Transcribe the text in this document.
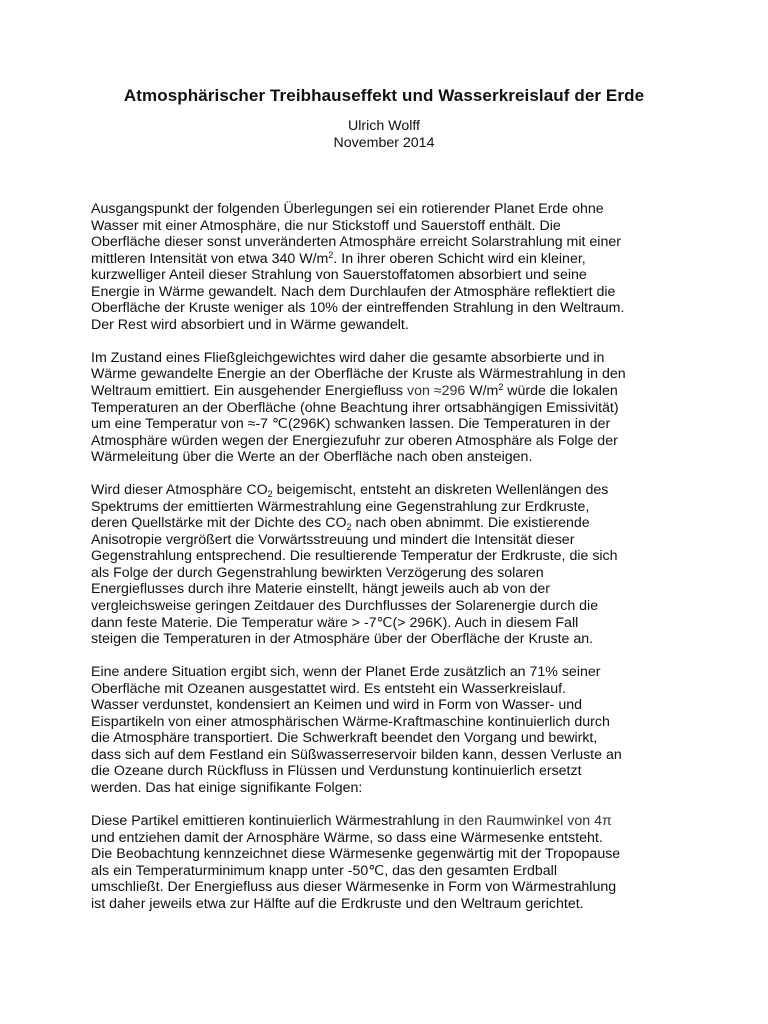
Atmosphärischer Treibhauseffekt und Wasserkreislauf der Erde
Ulrich Wolff
November 2014

Ausgangspunkt der folgenden Überlegungen sei ein rotierender Planet Erde ohne
Wasser mit einer Atmosphäre, die nur Stickstoff und Sauerstoff enthält. Die
Oberfläche dieser sonst unveränderten Atmosphäre erreicht Solarstrahlung mit einer
mittleren Intensität von etwa 340 $W/m^2$. In ihrer oberen Schicht wird ein kleiner,
kurzwelliger Anteil dieser Strahlung von Sauerstoffatomen absorbiert und seine
Energie in Wärme gewandelt. Nach dem Durchlaufen der Atmosphäre reflektiert die
Oberfläche der Kruste weniger als 10% der eintreffenden Strahlung in den Weltraum.
Der Rest wird absorbiert und in Wärme gewandelt.

Im Zustand eines Fließgleichgewichtes wird daher die gesamte absorbierte und in
Wärme gewandelte Energie an der Oberfläche der Kruste als Wärmestrahlung in den
Weltraum emittiert. Ein ausgehender Energiefluss von ≈296 $W/m^2$ würde die lokalen
Temperaturen an der Oberfläche (ohne Beachtung ihrer ortsabhängigen Emissivität)
um eine Temperatur von ≈-7 ℃(296K) schwanken lassen. Die Temperaturen in der
Atmosphäre würden wegen der Energiezufuhr zur oberen Atmosphäre als Folge der
Wärmeleitung über die Werte an der Oberfläche nach oben ansteigen.

Wird dieser Atmosphäre $CO_2$ beigemischt, entsteht an diskreten Wellenlängen des
Spektrums der emittierten Wärmestrahlung eine Gegenstrahlung zur Erdkruste,
deren Quellstärke mit der Dichte des $CO_2$ nach oben abnimmt. Die existierende
Anisotropie vergrößert die Vorwärtsstreuung und mindert die Intensität dieser
Gegenstrahlung entsprechend. Die resultierende Temperatur der Erdkruste, die sich
als Folge der durch Gegenstrahlung bewirkten Verzögerung des solaren
Energieflusses durch ihre Materie einstellt, hängt jeweils auch ab von der
vergleichsweise geringen Zeitdauer des Durchflusses der Solarenergie durch die
dann feste Materie. Die Temperatur wäre > -7℃(> 296K). Auch in diesem Fall
steigen die Temperaturen in der Atmosphäre über der Oberfläche der Kruste an.

Eine andere Situation ergibt sich, wenn der Planet Erde zusätzlich an 71% seiner
Oberfläche mit Ozeanen ausgestattet wird. Es entsteht ein Wasserkreislauf.
Wasser verdunstet, kondensiert an Keimen und wird in Form von Wasser- und
Eispartikeln von einer atmosphärischen Wärme-Kraftmaschine kontinuierlich durch
die Atmosphäre transportiert. Die Schwerkraft beendet den Vorgang und bewirkt,
dass sich auf dem Festland ein Süßwasserreservoir bilden kann, dessen Verluste an
die Ozeane durch Rückfluss in Flüssen und Verdunstung kontinuierlich ersetzt
werden. Das hat einige signifikante Folgen:

Diese Partikel emittieren kontinuierlich Wärmestrahlung in den Raumwinkel von 4π
und entziehen damit der Arnosphäre Wärme, so dass eine Wärmesenke entsteht.
Die Beobachtung kennzeichnet diese Wärmesenke gegenwärtig mit der Tropopause
als ein Temperaturminimum knapp unter -50℃, das den gesamten Erdball
umschließt. Der Energiefluss aus dieser Wärmesenke in Form von Wärmestrahlung
ist daher jeweils etwa zur Hälfte auf die Erdkruste und den Weltraum gerichtet.
